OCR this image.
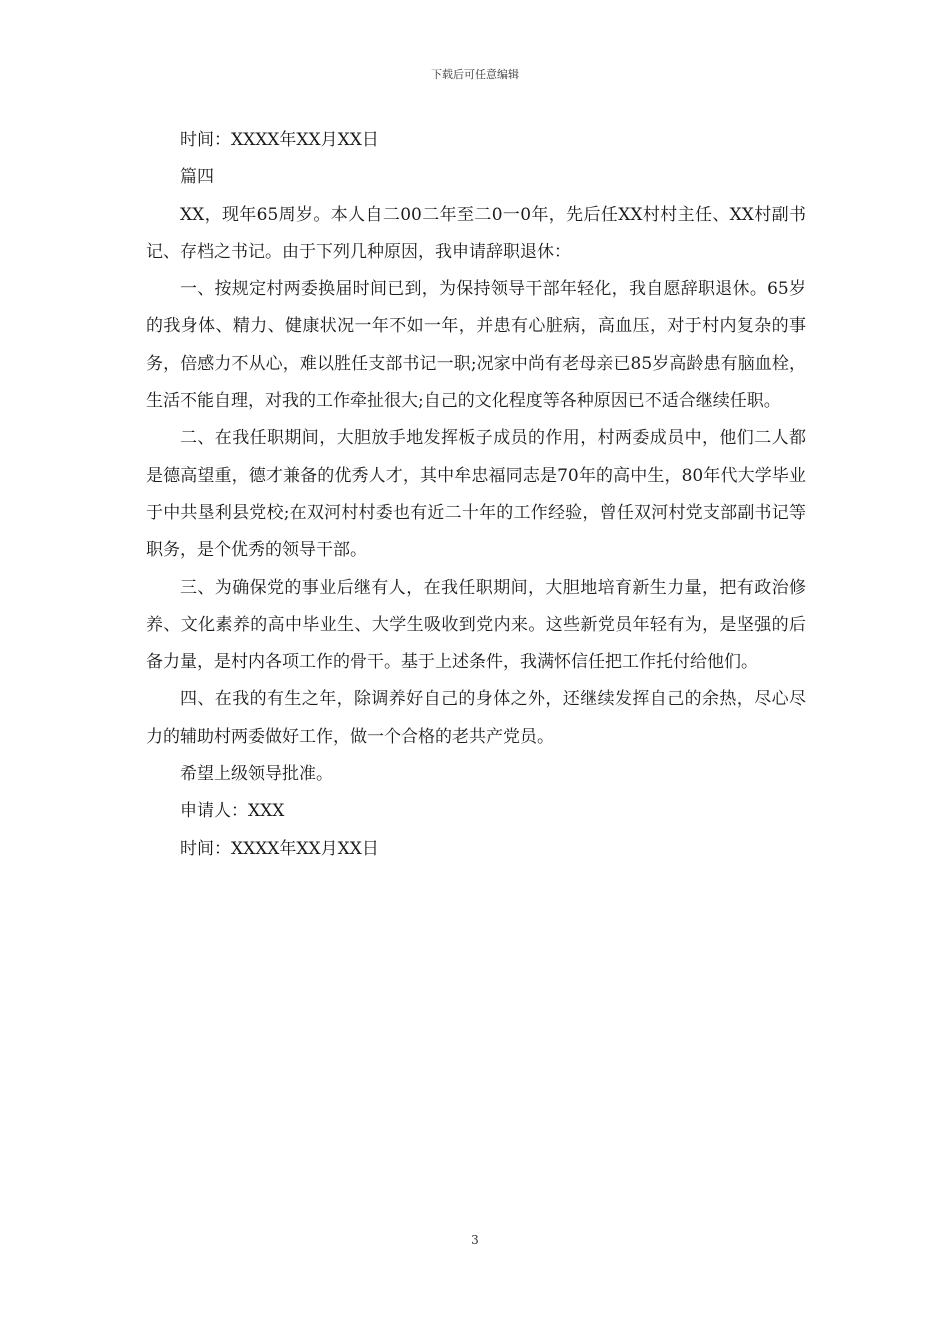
下载后可任意编辑

时间：XXXX年XX月XX日

篇四

XX，现年65周岁。本人自二00二年至二0一0年，先后任XX村村主任、XX村副书记、存档之书记。由于下列几种原因，我申请辞职退休：

一、按规定村两委换届时间已到，为保持领导干部年轻化，我自愿辞职退休。65岁的我身体、精力、健康状况一年不如一年，并患有心脏病，高血压，对于村内复杂的事务，倍感力不从心，难以胜任支部书记一职;况家中尚有老母亲已85岁高龄患有脑血栓，生活不能自理，对我的工作牵扯很大;自己的文化程度等各种原因已不适合继续任职。

二、在我任职期间，大胆放手地发挥板子成员的作用，村两委成员中，他们二人都是德高望重，德才兼备的优秀人才，其中牟忠福同志是70年的高中生，80年代大学毕业于中共垦利县党校;在双河村村委也有近二十年的工作经验，曾任双河村党支部副书记等职务，是个优秀的领导干部。

三、为确保党的事业后继有人，在我任职期间，大胆地培育新生力量，把有政治修养、文化素养的高中毕业生、大学生吸收到党内来。这些新党员年轻有为，是坚强的后备力量，是村内各项工作的骨干。基于上述条件，我满怀信任把工作托付给他们。

四、在我的有生之年，除调养好自己的身体之外，还继续发挥自己的余热，尽心尽力的辅助村两委做好工作，做一个合格的老共产党员。

希望上级领导批准。

申请人：XXX

时间：XXXX年XX月XX日

3
